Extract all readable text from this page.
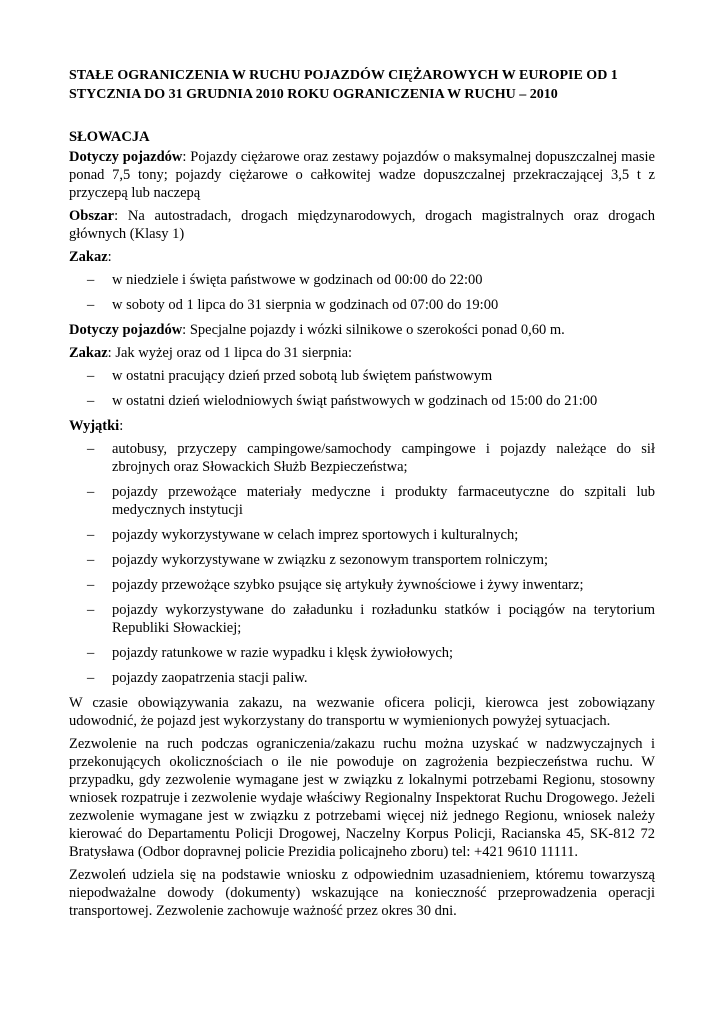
STAŁE OGRANICZENIA W RUCHU POJAZDÓW CIĘŻAROWYCH W EUROPIE OD 1 STYCZNIA DO 31 GRUDNIA 2010 ROKU OGRANICZENIA W RUCHU – 2010
SŁOWACJA

Dotyczy pojazdów: Pojazdy ciężarowe oraz zestawy pojazdów o maksymalnej dopuszczalnej masie ponad 7,5 tony; pojazdy ciężarowe o całkowitej wadze dopuszczalnej przekraczającej 3,5 t z przyczepą lub naczepą

Obszar: Na autostradach, drogach międzynarodowych, drogach magistralnych oraz drogach głównych (Klasy 1)

Zakaz:

– w niedziele i święta państwowe w godzinach od 00:00 do 22:00
– w soboty od 1 lipca do 31 sierpnia w godzinach od 07:00 do 19:00

Dotyczy pojazdów: Specjalne pojazdy i wózki silnikowe o szerokości ponad 0,60 m.

Zakaz: Jak wyżej oraz od 1 lipca do 31 sierpnia:

– w ostatni pracujący dzień przed sobotą lub świętem państwowym
– w ostatni dzień wielodniowych świąt państwowych w godzinach od 15:00 do 21:00

Wyjątki:

– autobusy, przyczepy campingowe/samochody campingowe i pojazdy należące do sił zbrojnych oraz Słowackich Służb Bezpieczeństwa;
– pojazdy przewożące materiały medyczne i produkty farmaceutyczne do szpitali lub medycznych instytucji
– pojazdy wykorzystywane w celach imprez sportowych i kulturalnych;
– pojazdy wykorzystywane w związku z sezonowym transportem rolniczym;
– pojazdy przewożące szybko psujące się artykuły żywnościowe i żywy inwentarz;
– pojazdy wykorzystywane do załadunku i rozładunku statków i pociągów na terytorium Republiki Słowackiej;
– pojazdy ratunkowe w razie wypadku i klęsk żywiołowych;
– pojazdy zaopatrzenia stacji paliw.

W czasie obowiązywania zakazu, na wezwanie oficera policji, kierowca jest zobowiązany udowodnić, że pojazd jest wykorzystany do transportu w wymienionych powyżej sytuacjach.

Zezwolenie na ruch podczas ograniczenia/zakazu ruchu można uzyskać w nadzwyczajnych i przekonujących okolicznościach o ile nie powoduje on zagrożenia bezpieczeństwa ruchu. W przypadku, gdy zezwolenie wymagane jest w związku z lokalnymi potrzebami Regionu, stosowny wniosek rozpatruje i zezwolenie wydaje właściwy Regionalny Inspektorat Ruchu Drogowego. Jeżeli zezwolenie wymagane jest w związku z potrzebami więcej niż jednego Regionu, wniosek należy kierować do Departamentu Policji Drogowej, Naczelny Korpus Policji, Racianska 45, SK-812 72 Bratysława (Odbor dopravnej policie Prezidia policajneho zboru) tel: +421 9610 11111.

Zezwoleń udziela się na podstawie wniosku z odpowiednim uzasadnieniem, któremu towarzyszą niepodważalne dowody (dokumenty) wskazujące na konieczność przeprowadzenia operacji transportowej. Zezwolenie zachowuje ważność przez okres 30 dni.
